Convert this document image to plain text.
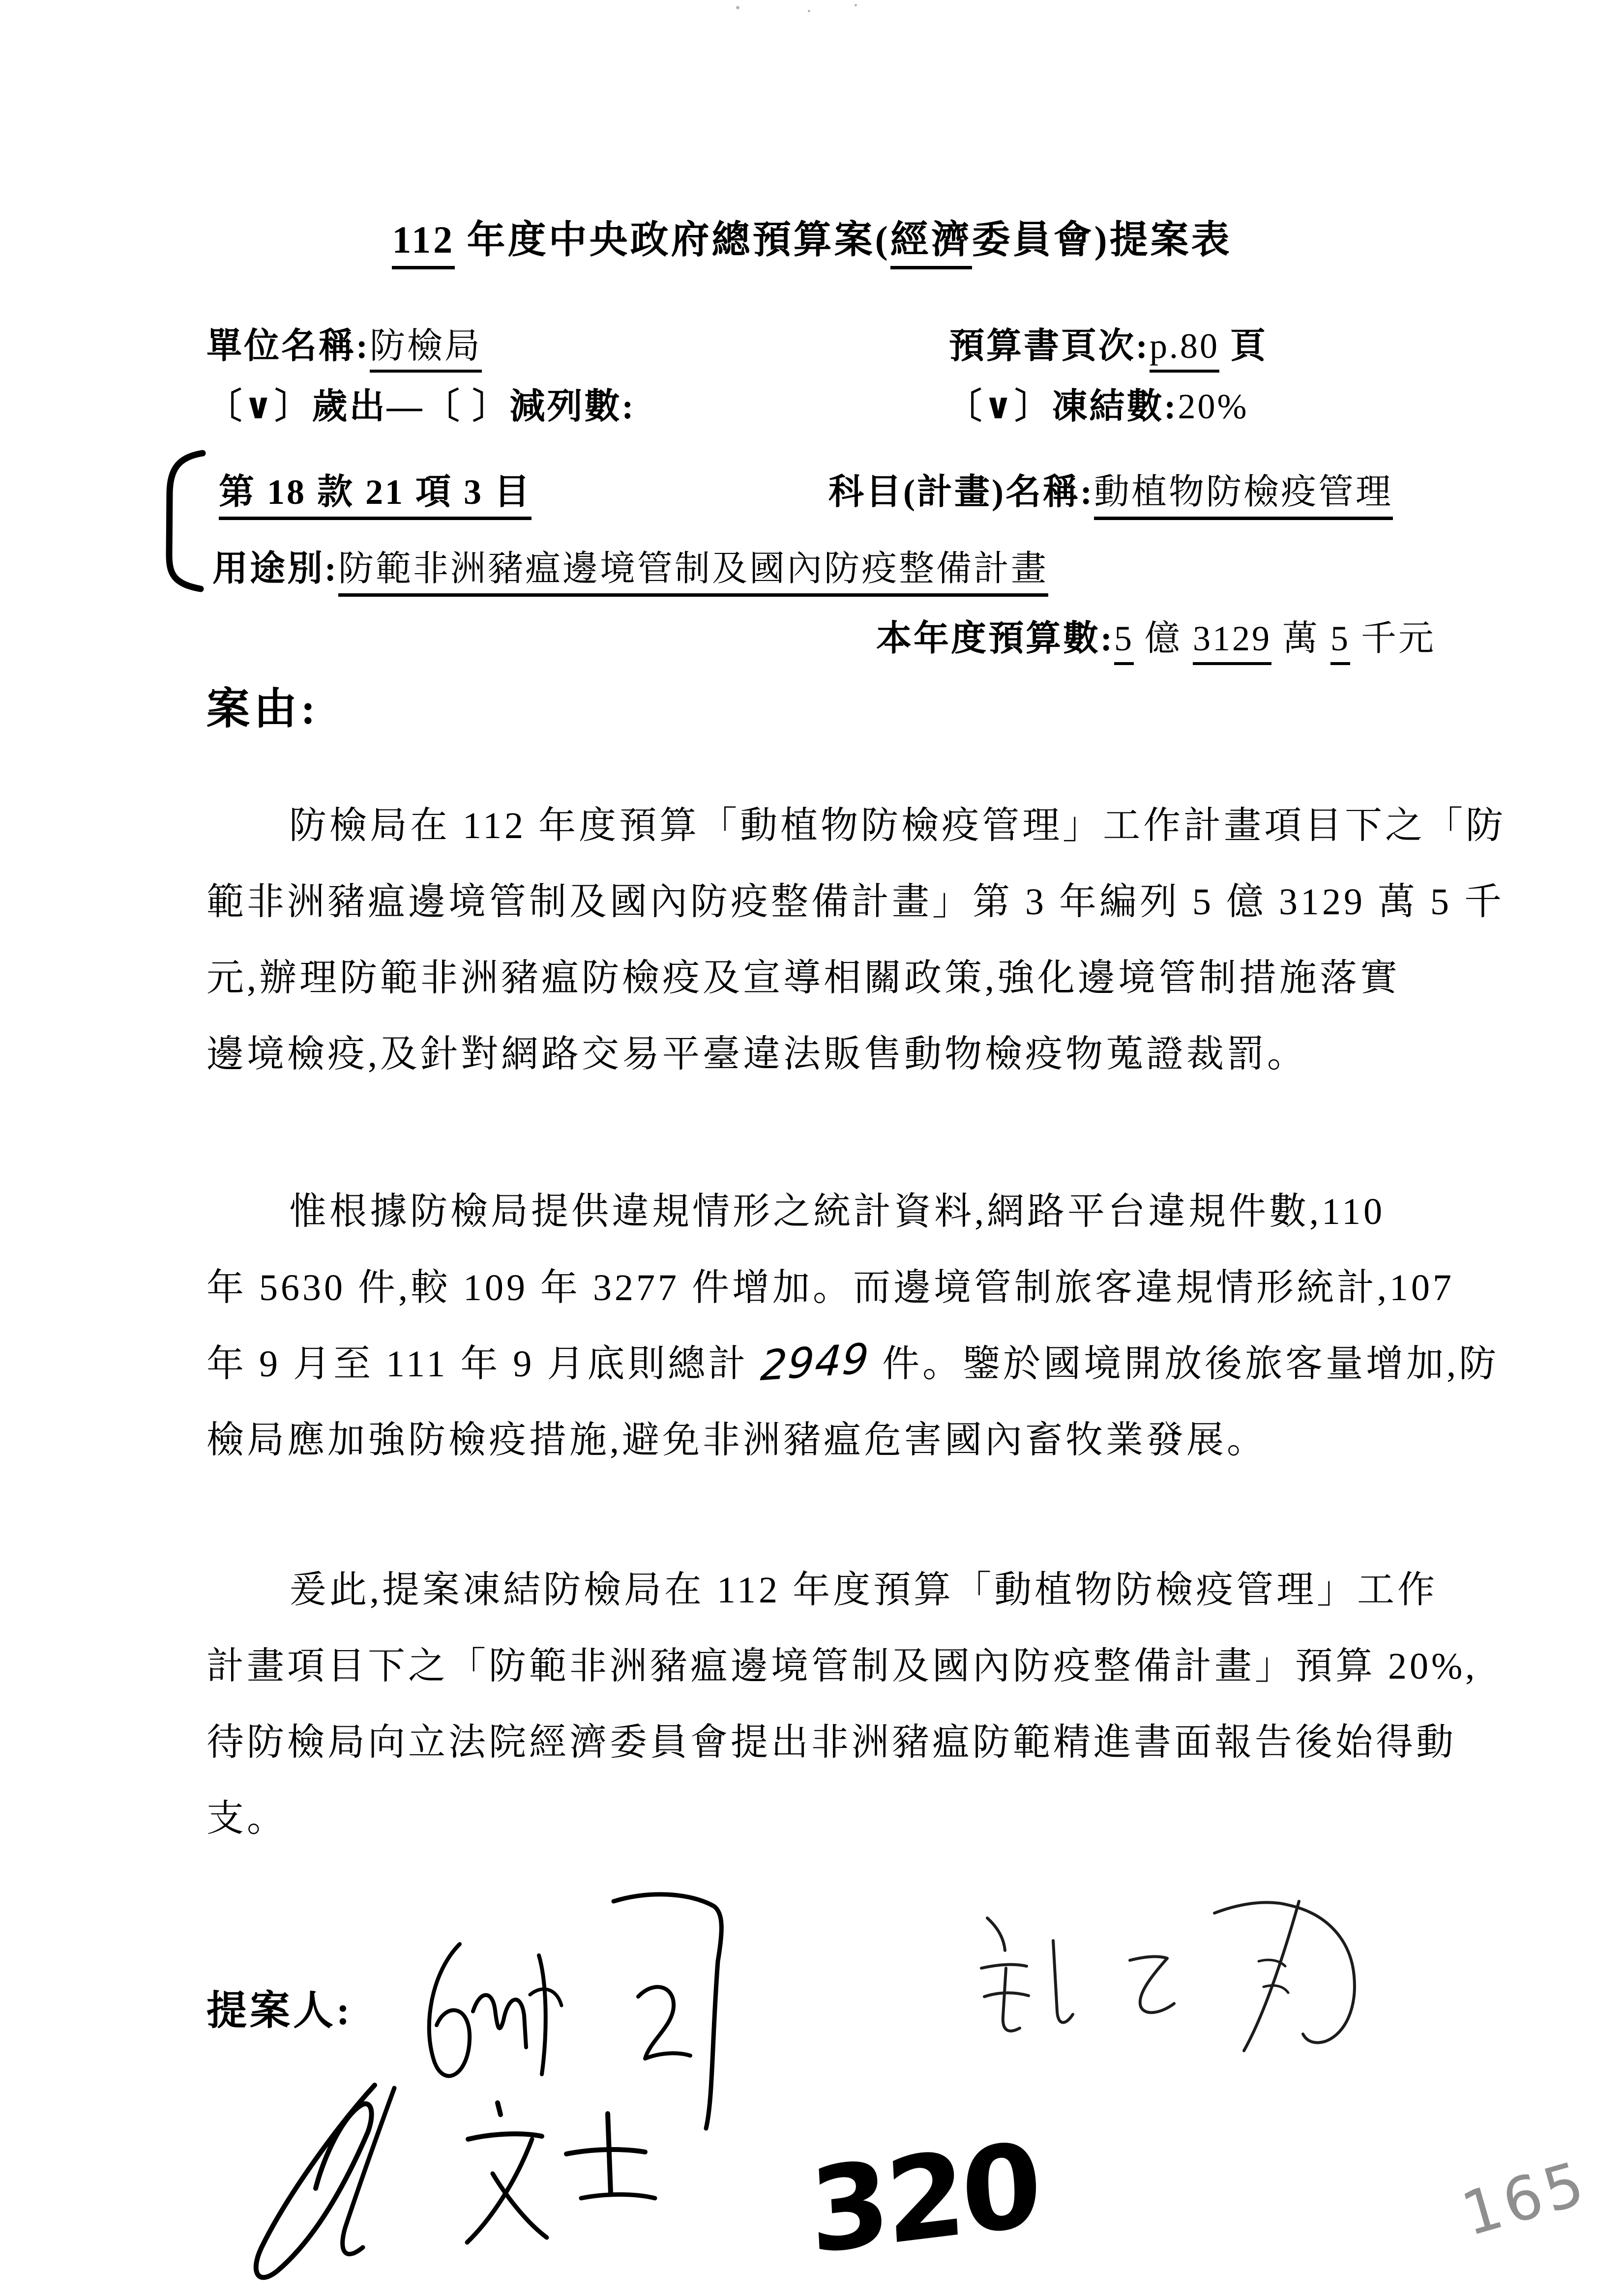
112 年度中央政府總預算案(經濟委員會)提案表
單位名稱:防檢局	預算書頁次:p.80 頁
〔∨〕歲出—〔 〕減列數:	〔∨〕凍結數:20%
第 18 款 21 項 3 目	科目(計畫)名稱:動植物防檢疫管理
用途別:防範非洲豬瘟邊境管制及國內防疫整備計畫
本年度預算數:5 億 3129 萬 5 千元
案由:
防檢局在 112 年度預算「動植物防檢疫管理」工作計畫項目下之「防
範非洲豬瘟邊境管制及國內防疫整備計畫」第 3 年編列 5 億 3129 萬 5 千
元,辦理防範非洲豬瘟防檢疫及宣導相關政策,強化邊境管制措施落實
邊境檢疫,及針對網路交易平臺違法販售動物檢疫物蒐證裁罰。
惟根據防檢局提供違規情形之統計資料,網路平台違規件數,110
年 5630 件,較 109 年 3277 件增加。而邊境管制旅客違規情形統計,107
年 9 月至 111 年 9 月底則總計 2949 件。鑒於國境開放後旅客量增加,防
檢局應加強防檢疫措施,避免非洲豬瘟危害國內畜牧業發展。
爰此,提案凍結防檢局在 112 年度預算「動植物防檢疫管理」工作
計畫項目下之「防範非洲豬瘟邊境管制及國內防疫整備計畫」預算 20%,
待防檢局向立法院經濟委員會提出非洲豬瘟防範精進書面報告後始得動
支。
提案人:
320	165
